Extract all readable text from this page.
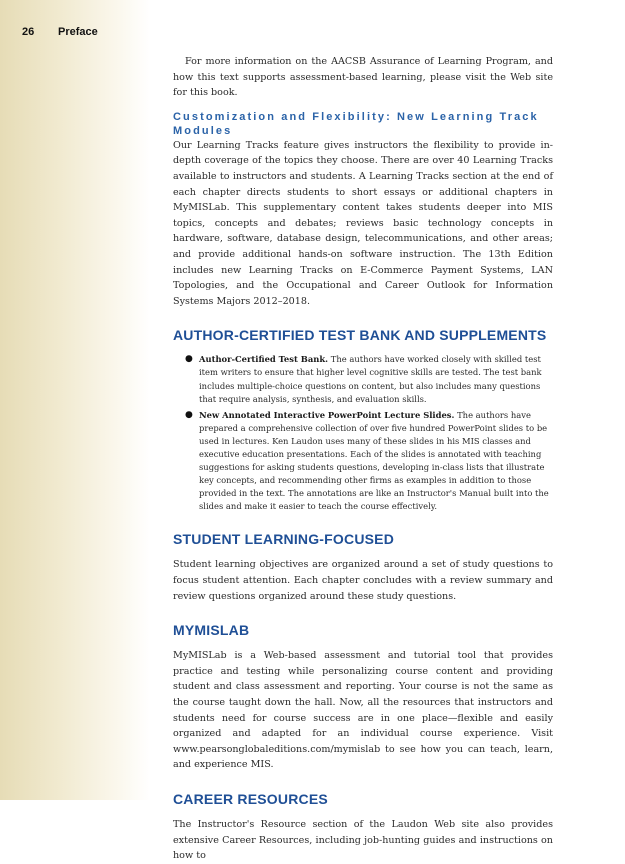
26 Preface

For more information on the AACSB Assurance of Learning Program, and how this text supports assessment-based learning, please visit the Web site for this book.

Customization and Flexibility: New Learning Track Modules

Our Learning Tracks feature gives instructors the flexibility to provide in-depth coverage of the topics they choose. There are over 40 Learning Tracks available to instructors and students. A Learning Tracks section at the end of each chapter directs students to short essays or additional chapters in MyMISLab. This supplementary content takes students deeper into MIS topics, concepts and debates; reviews basic technology concepts in hardware, software, database design, telecommunications, and other areas; and provide additional hands-on software instruction. The 13th Edition includes new Learning Tracks on E-Commerce Payment Systems, LAN Topologies, and the Occupational and Career Outlook for Information Systems Majors 2012–2018.

AUTHOR-CERTIFIED TEST BANK AND SUPPLEMENTS
● Author-Certified Test Bank. The authors have worked closely with skilled test item writers to ensure that higher level cognitive skills are tested. The test bank includes multiple-choice questions on content, but also includes many questions that require analysis, synthesis, and evaluation skills.
● New Annotated Interactive PowerPoint Lecture Slides. The authors have prepared a comprehensive collection of over five hundred PowerPoint slides to be used in lectures. Ken Laudon uses many of these slides in his MIS classes and executive education presentations. Each of the slides is annotated with teaching suggestions for asking students questions, developing in-class lists that illustrate key concepts, and recommending other firms as examples in addition to those provided in the text. The annotations are like an Instructor's Manual built into the slides and make it easier to teach the course effectively.
STUDENT LEARNING-FOCUSED

Student learning objectives are organized around a set of study questions to focus student attention. Each chapter concludes with a review summary and review questions organized around these study questions.

MYMISLAB

MyMISLab is a Web-based assessment and tutorial tool that provides practice and testing while personalizing course content and providing student and class assessment and reporting. Your course is not the same as the course taught down the hall. Now, all the resources that instructors and students need for course success are in one place—flexible and easily organized and adapted for an individual course experience. Visit www.pearsonglobaleditions.com/mymislab to see how you can teach, learn, and experience MIS.

CAREER RESOURCES

The Instructor's Resource section of the Laudon Web site also provides extensive Career Resources, including job-hunting guides and instructions on how to
